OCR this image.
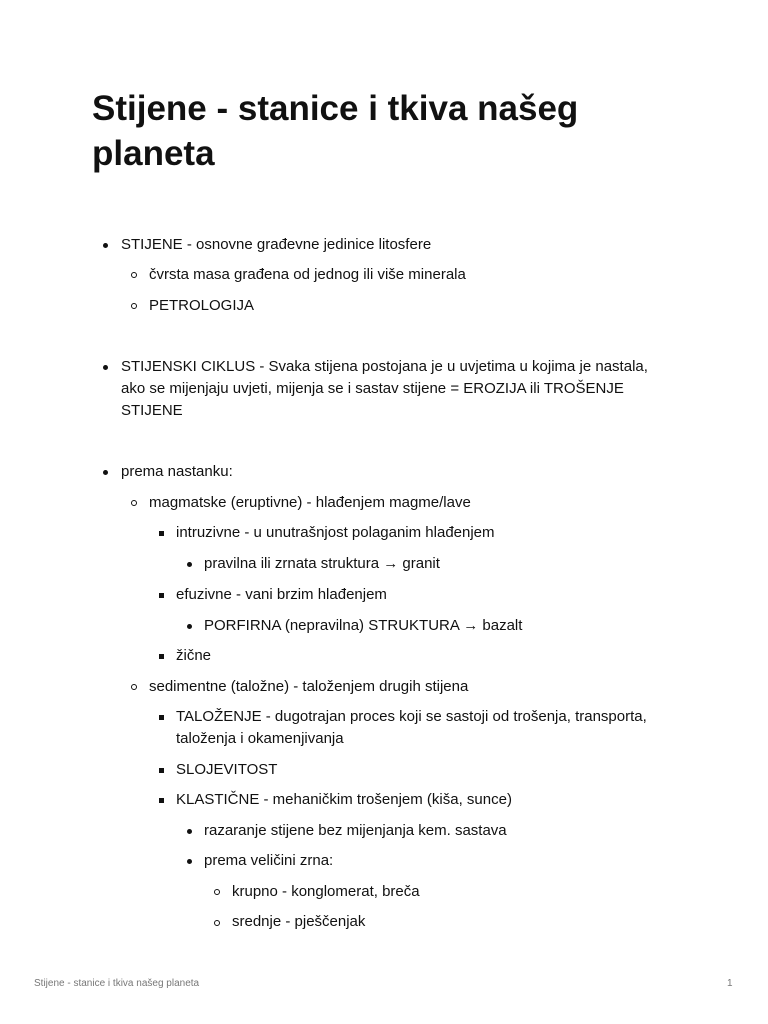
Stijene - stanice i tkiva našeg planeta
STIJENE - osnovne građevne jedinice litosfere
čvrsta masa građena od jednog ili više minerala
PETROLOGIJA
STIJENSKI CIKLUS - Svaka stijena postojana je u uvjetima u kojima je nastala,
ako se mijenjaju uvjeti, mijenja se i sastav stijene = EROZIJA ili TROŠENJE
STIJENE
prema nastanku:
magmatske (eruptivne) - hlađenjem magme/lave
intruzivne - u unutrašnjost polaganim hlađenjem
pravilna ili zrnata struktura → granit
efuzivne - vani brzim hlađenjem
PORFIRNA (nepravilna) STRUKTURA → bazalt
žične
sedimentne (taložne) - taloženjem drugih stijena
TALOŽENJE - dugotrajan proces koji se sastoji od trošenja, transporta,
taloženja i okamenjivanja
SLOJEVITOST
KLASTIČNE - mehaničkim trošenjem (kiša, sunce)
razaranje stijene bez mijenjanja kem. sastava
prema veličini zrna:
krupno - konglomerat, breča
srednje - pješčenjak
Stijene - stanice i tkiva našeg planeta	1
